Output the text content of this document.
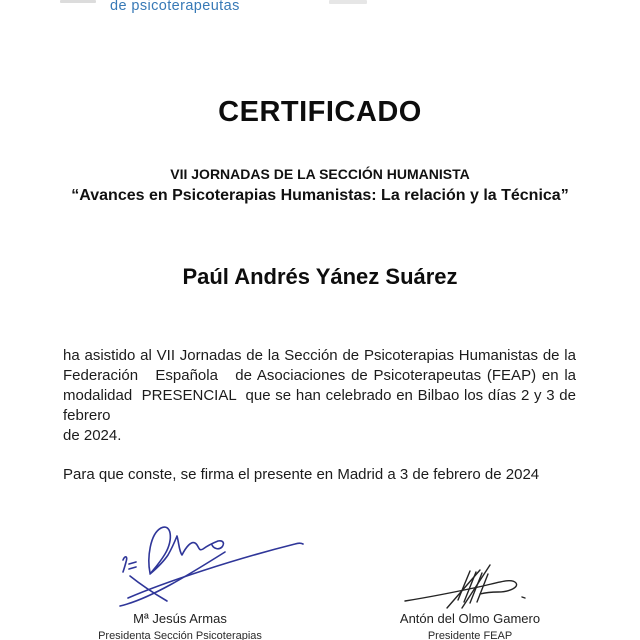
de psicoterapeutas
CERTIFICADO
VII JORNADAS DE LA SECCIÓN HUMANISTA
“Avances en Psicoterapias Humanistas: La relación y la Técnica”
Paúl Andrés Yánez Suárez
ha asistido al VII Jornadas de la Sección de Psicoterapias Humanistas de la
Federación   Española   de Asociaciones de Psicoterapeutas (FEAP) en la
modalidad  PRESENCIAL  que se han celebrado en Bilbao los días 2 y 3 de febrero
de 2024.
Para que conste, se firma el presente en Madrid a 3 de febrero de 2024
Mª Jesús Armas
Presidenta Sección Psicoterapias
Antón del Olmo Gamero
Presidente FEAP
